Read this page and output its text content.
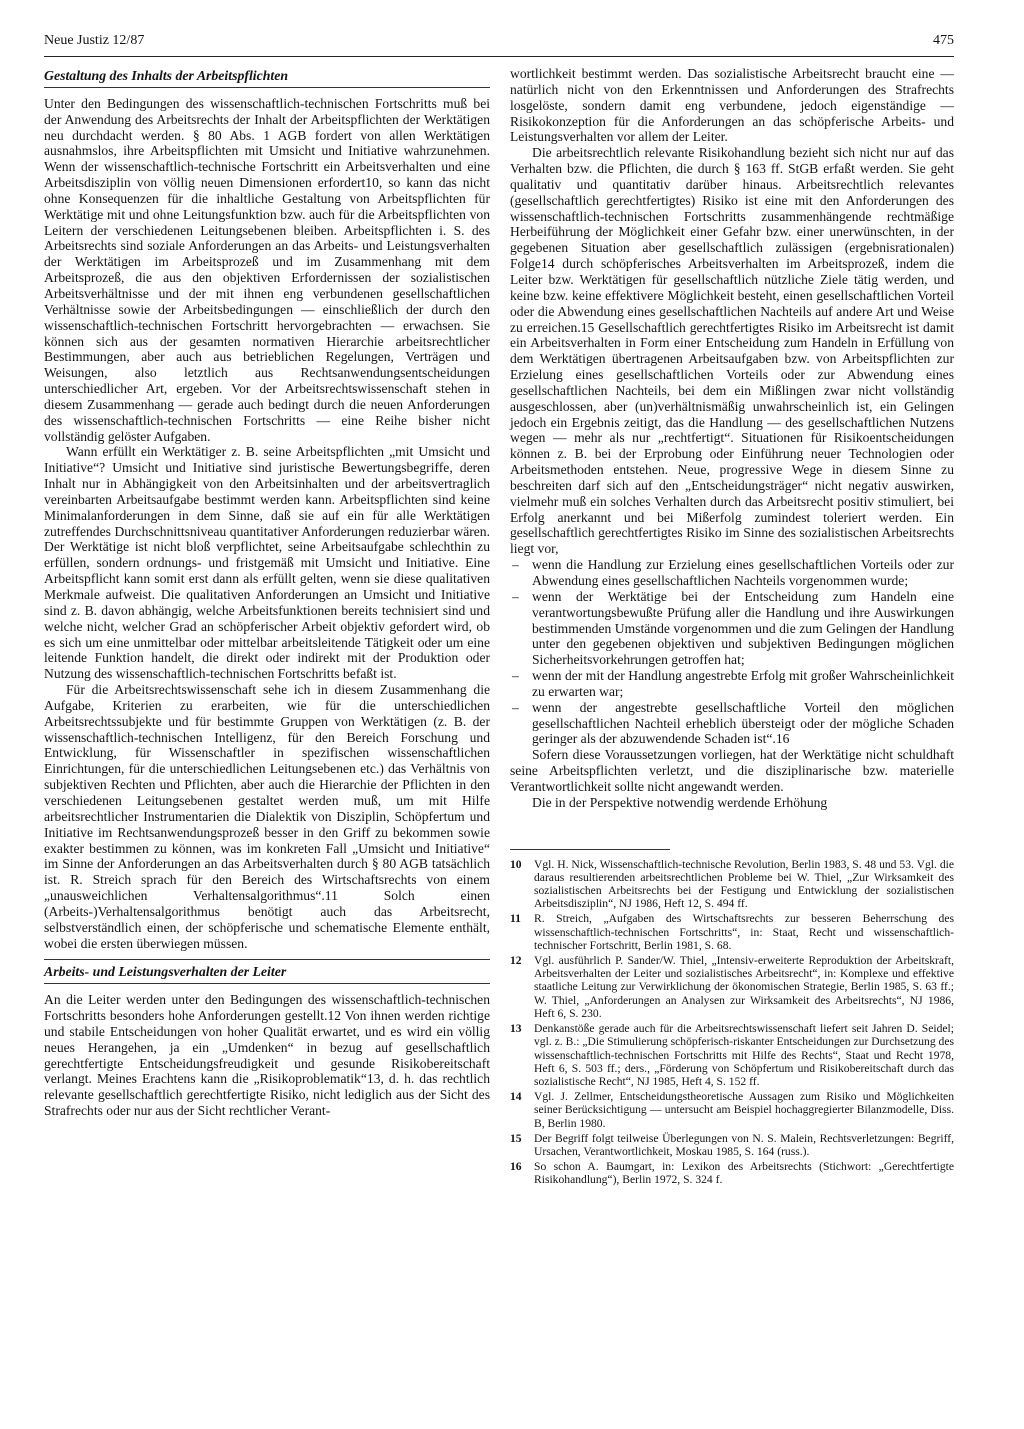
Neue Justiz 12/87	475
Gestaltung des Inhalts der Arbeitspflichten

Unter den Bedingungen des wissenschaftlich-technischen Fortschritts muß bei der Anwendung des Arbeitsrechts der Inhalt der Arbeitspflichten der Werktätigen neu durchdacht werden. § 80 Abs. 1 AGB fordert von allen Werktätigen ausnahmslos, ihre Arbeitspflichten mit Umsicht und Initiative wahrzunehmen. Wenn der wissenschaftlich-technische Fortschritt ein Arbeitsverhalten und eine Arbeitsdisziplin von völlig neuen Dimensionen erfordert10, so kann das nicht ohne Konsequenzen für die inhaltliche Gestaltung von Arbeitspflichten für Werktätige mit und ohne Leitungsfunktion bzw. auch für die Arbeitspflichten von Leitern der verschiedenen Leitungsebenen bleiben. Arbeitspflichten i. S. des Arbeitsrechts sind soziale Anforderungen an das Arbeits- und Leistungsverhalten der Werktätigen im Arbeitsprozeß und im Zusammenhang mit dem Arbeitsprozeß, die aus den objektiven Erfordernissen der sozialistischen Arbeitsverhältnisse und der mit ihnen eng verbundenen gesellschaftlichen Verhältnisse sowie der Arbeitsbedingungen — einschließlich der durch den wissenschaftlich-technischen Fortschritt hervorgebrachten — erwachsen. Sie können sich aus der gesamten normativen Hierarchie arbeitsrechtlicher Bestimmungen, aber auch aus betrieblichen Regelungen, Verträgen und Weisungen, also letztlich aus Rechtsanwendungsentscheidungen unterschiedlicher Art, ergeben. Vor der Arbeitsrechtswissenschaft stehen in diesem Zusammenhang — gerade auch bedingt durch die neuen Anforderungen des wissenschaftlich-technischen Fortschritts — eine Reihe bisher nicht vollständig gelöster Aufgaben.

Wann erfüllt ein Werktätiger z. B. seine Arbeitspflichten „mit Umsicht und Initiative“? Umsicht und Initiative sind juristische Bewertungsbegriffe, deren Inhalt nur in Abhängigkeit von den Arbeitsinhalten und der arbeitsvertraglich vereinbarten Arbeitsaufgabe bestimmt werden kann. Arbeitspflichten sind keine Minimalanforderungen in dem Sinne, daß sie auf ein für alle Werktätigen zutreffendes Durchschnittsniveau quantitativer Anforderungen reduzierbar wären. Der Werktätige ist nicht bloß verpflichtet, seine Arbeitsaufgabe schlechthin zu erfüllen, sondern ordnungs- und fristgemäß mit Umsicht und Initiative. Eine Arbeitspflicht kann somit erst dann als erfüllt gelten, wenn sie diese qualitativen Merkmale aufweist. Die qualitativen Anforderungen an Umsicht und Initiative sind z. B. davon abhängig, welche Arbeitsfunktionen bereits technisiert sind und welche nicht, welcher Grad an schöpferischer Arbeit objektiv gefordert wird, ob es sich um eine unmittelbar oder mittelbar arbeitsleitende Tätigkeit oder um eine leitende Funktion handelt, die direkt oder indirekt mit der Produktion oder Nutzung des wissenschaftlich-technischen Fortschritts befaßt ist.

Für die Arbeitsrechtswissenschaft sehe ich in diesem Zusammenhang die Aufgabe, Kriterien zu erarbeiten, wie für die unterschiedlichen Arbeitsrechtssubjekte und für bestimmte Gruppen von Werktätigen (z. B. der wissenschaftlich-technischen Intelligenz, für den Bereich Forschung und Entwicklung, für Wissenschaftler in spezifischen wissenschaftlichen Einrichtungen, für die unterschiedlichen Leitungsebenen etc.) das Verhältnis von subjektiven Rechten und Pflichten, aber auch die Hierarchie der Pflichten in den verschiedenen Leitungsebenen gestaltet werden muß, um mit Hilfe arbeitsrechtlicher Instrumentarien die Dialektik von Disziplin, Schöpfertum und Initiative im Rechtsanwendungsprozeß besser in den Griff zu bekommen sowie exakter bestimmen zu können, was im konkreten Fall „Umsicht und Initiative“ im Sinne der Anforderungen an das Arbeitsverhalten durch § 80 AGB tatsächlich ist. R. Streich sprach für den Bereich des Wirtschaftsrechts von einem „unausweichlichen Verhaltensalgorithmus“.11 Solch einen (Arbeits-)Verhaltensalgorithmus benötigt auch das Arbeitsrecht, selbstverständlich einen, der schöpferische und schematische Elemente enthält, wobei die ersten überwiegen müssen.

Arbeits- und Leistungsverhalten der Leiter

An die Leiter werden unter den Bedingungen des wissenschaftlich-technischen Fortschritts besonders hohe Anforderungen gestellt.12 Von ihnen werden richtige und stabile Entscheidungen von hoher Qualität erwartet, und es wird ein völlig neues Herangehen, ja ein „Umdenken“ in bezug auf gesellschaftlich gerechtfertigte Entscheidungsfreudigkeit und gesunde Risikobereitschaft verlangt. Meines Erachtens kann die „Risikoproblematik“13, d. h. das rechtlich relevante gesellschaftlich gerechtfertigte Risiko, nicht lediglich aus der Sicht des Strafrechts oder nur aus der Sicht rechtlicher Verant-

wortlichkeit bestimmt werden. Das sozialistische Arbeitsrecht braucht eine — natürlich nicht von den Erkenntnissen und Anforderungen des Strafrechts losgelöste, sondern damit eng verbundene, jedoch eigenständige — Risikokonzeption für die Anforderungen an das schöpferische Arbeits- und Leistungsverhalten vor allem der Leiter.

Die arbeitsrechtlich relevante Risikohandlung bezieht sich nicht nur auf das Verhalten bzw. die Pflichten, die durch § 163 ff. StGB erfaßt werden. Sie geht qualitativ und quantitativ darüber hinaus. Arbeitsrechtlich relevantes (gesellschaftlich gerechtfertigtes) Risiko ist eine mit den Anforderungen des wissenschaftlich-technischen Fortschritts zusammenhängende rechtmäßige Herbeiführung der Möglichkeit einer Gefahr bzw. einer unerwünschten, in der gegebenen Situation aber gesellschaftlich zulässigen (ergebnisrationalen) Folge14 durch schöpferisches Arbeitsverhalten im Arbeitsprozeß, indem die Leiter bzw. Werktätigen für gesellschaftlich nützliche Ziele tätig werden, und keine bzw. keine effektivere Möglichkeit besteht, einen gesellschaftlichen Vorteil oder die Abwendung eines gesellschaftlichen Nachteils auf andere Art und Weise zu erreichen.15 Gesellschaftlich gerechtfertigtes Risiko im Arbeitsrecht ist damit ein Arbeitsverhalten in Form einer Entscheidung zum Handeln in Erfüllung von dem Werktätigen übertragenen Arbeitsaufgaben bzw. von Arbeitspflichten zur Erzielung eines gesellschaftlichen Vorteils oder zur Abwendung eines gesellschaftlichen Nachteils, bei dem ein Mißlingen zwar nicht vollständig ausgeschlossen, aber (un)verhältnismäßig unwahrscheinlich ist, ein Gelingen jedoch ein Ergebnis zeitigt, das die Handlung — des gesellschaftlichen Nutzens wegen — mehr als nur „rechtfertigt“. Situationen für Risikoentscheidungen können z. B. bei der Erprobung oder Einführung neuer Technologien oder Arbeitsmethoden entstehen. Neue, progressive Wege in diesem Sinne zu beschreiten darf sich auf den „Entscheidungsträger“ nicht negativ auswirken, vielmehr muß ein solches Verhalten durch das Arbeitsrecht positiv stimuliert, bei Erfolg anerkannt und bei Mißerfolg zumindest toleriert werden. Ein gesellschaftlich gerechtfertigtes Risiko im Sinne des sozialistischen Arbeitsrechts liegt vor,

– wenn die Handlung zur Erzielung eines gesellschaftlichen Vorteils oder zur Abwendung eines gesellschaftlichen Nachteils vorgenommen wurde;
– wenn der Werktätige bei der Entscheidung zum Handeln eine verantwortungsbewußte Prüfung aller die Handlung und ihre Auswirkungen bestimmenden Umstände vorgenommen und die zum Gelingen der Handlung unter den gegebenen objektiven und subjektiven Bedingungen möglichen Sicherheitsvorkehrungen getroffen hat;
– wenn der mit der Handlung angestrebte Erfolg mit großer Wahrscheinlichkeit zu erwarten war;
– wenn der angestrebte gesellschaftliche Vorteil den möglichen gesellschaftlichen Nachteil erheblich übersteigt oder der mögliche Schaden geringer als der abzuwendende Schaden ist“.16

Sofern diese Voraussetzungen vorliegen, hat der Werktätige nicht schuldhaft seine Arbeitspflichten verletzt, und die disziplinarische bzw. materielle Verantwortlichkeit sollte nicht angewandt werden.

Die in der Perspektive notwendig werdende Erhöhung

10	Vgl. H. Nick, Wissenschaftlich-technische Revolution, Berlin 1983, S. 48 und 53. Vgl. die daraus resultierenden arbeitsrechtlichen Probleme bei W. Thiel, „Zur Wirksamkeit des sozialistischen Arbeitsrechts bei der Festigung und Entwicklung der sozialistischen Arbeitsdisziplin“, NJ 1986, Heft 12, S. 494 ff.
11	R. Streich, „Aufgaben des Wirtschaftsrechts zur besseren Beherrschung des wissenschaftlich-technischen Fortschritts“, in: Staat, Recht und wissenschaftlich-technischer Fortschritt, Berlin 1981, S. 68.
12	Vgl. ausführlich P. Sander/W. Thiel, „Intensiv-erweiterte Reproduktion der Arbeitskraft, Arbeitsverhalten der Leiter und sozialistisches Arbeitsrecht“, in: Komplexe und effektive staatliche Leitung zur Verwirklichung der ökonomischen Strategie, Berlin 1985, S. 63 ff.; W. Thiel, „Anforderungen an Analysen zur Wirksamkeit des Arbeitsrechts“, NJ 1986, Heft 6, S. 230.
13	Denkanstöße gerade auch für die Arbeitsrechtswissenschaft liefert seit Jahren D. Seidel; vgl. z. B.: „Die Stimulierung schöpferisch-riskanter Entscheidungen zur Durchsetzung des wissenschaftlich-technischen Fortschritts mit Hilfe des Rechts“, Staat und Recht 1978, Heft 6, S. 503 ff.; ders., „Förderung von Schöpfertum und Risikobereitschaft durch das sozialistische Recht“, NJ 1985, Heft 4, S. 152 ff.
14	Vgl. J. Zellmer, Entscheidungstheoretische Aussagen zum Risiko und Möglichkeiten seiner Berücksichtigung — untersucht am Beispiel hochaggregierter Bilanzmodelle, Diss. B, Berlin 1980.
15	Der Begriff folgt teilweise Überlegungen von N. S. Malein, Rechtsverletzungen: Begriff, Ursachen, Verantwortlichkeit, Moskau 1985, S. 164 (russ.).
16	So schon A. Baumgart, in: Lexikon des Arbeitsrechts (Stichwort: „Gerechtfertigte Risikohandlung“), Berlin 1972, S. 324 f.
